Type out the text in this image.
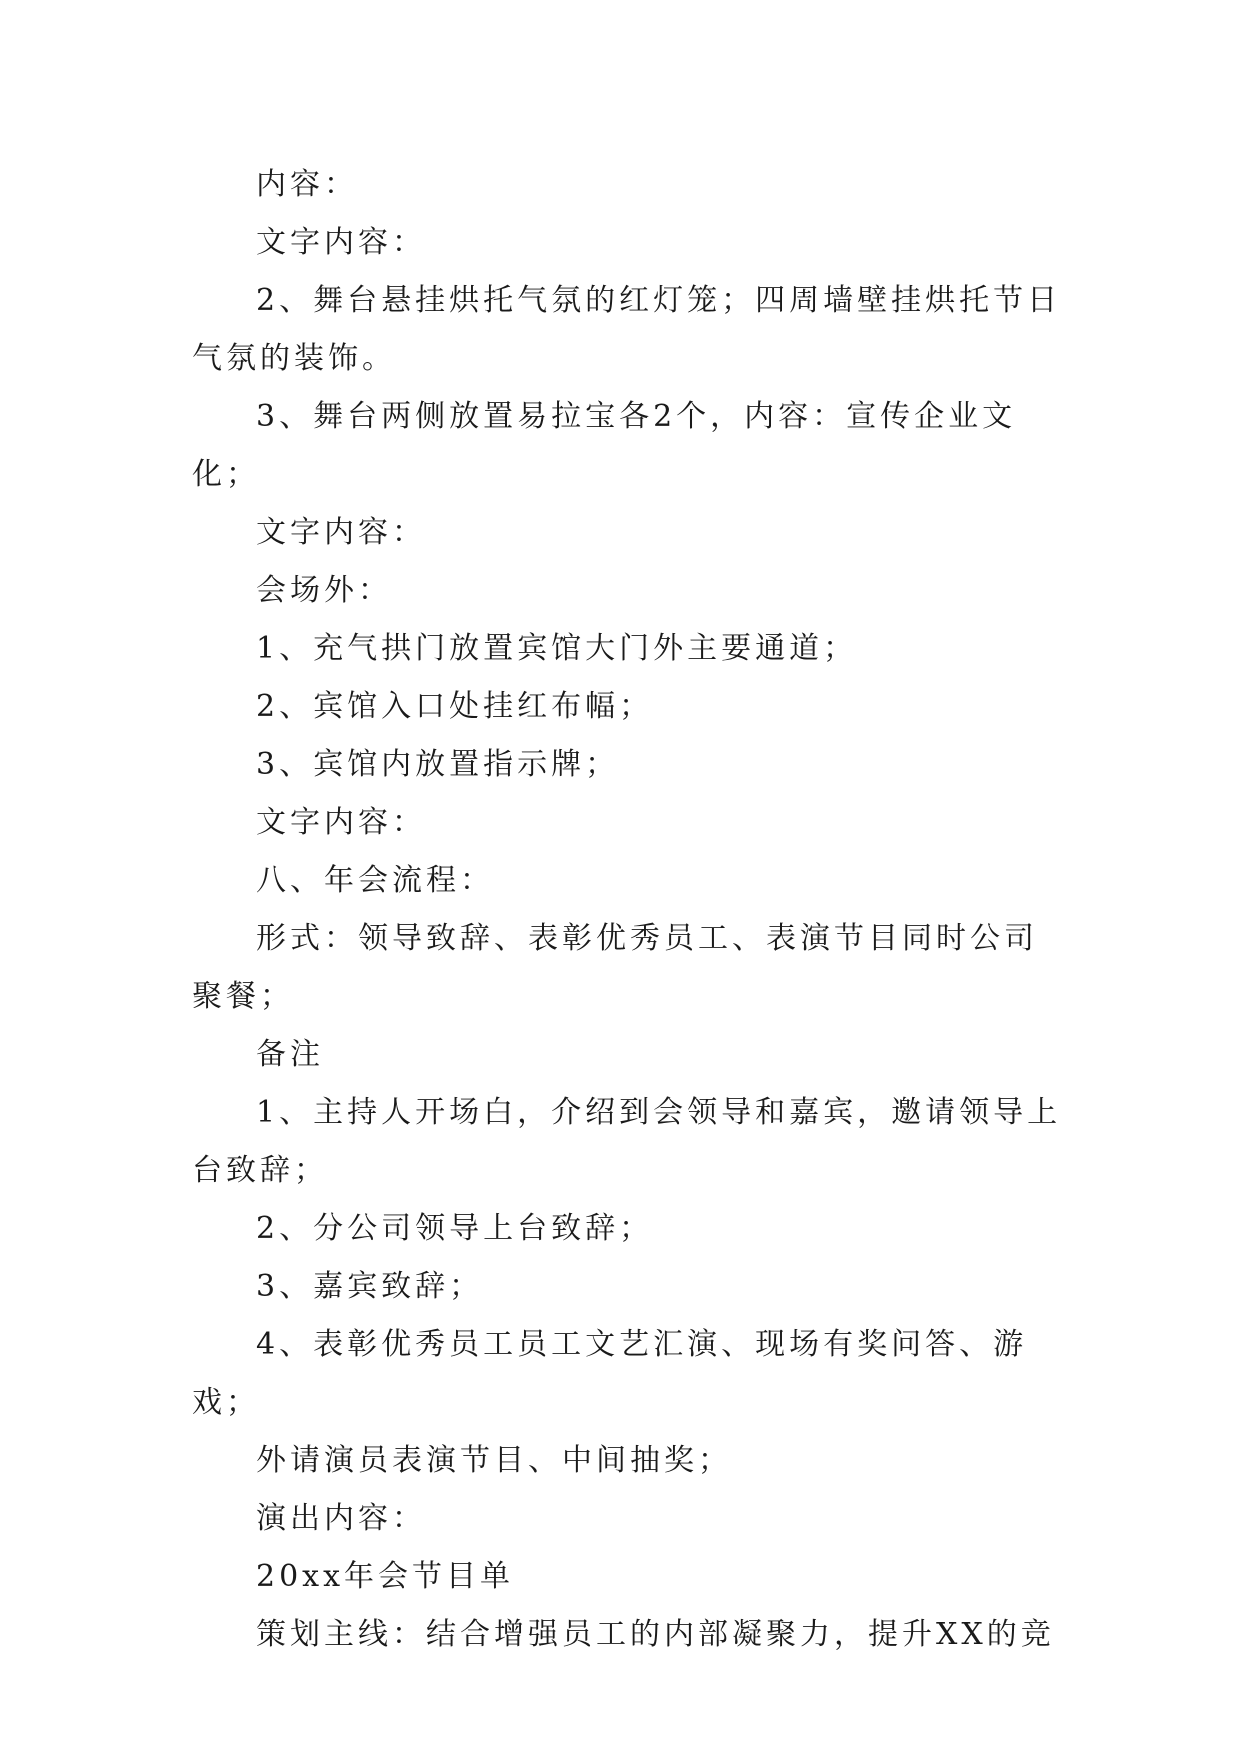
内容：

文字内容：

2、舞台悬挂烘托气氛的红灯笼；四周墙壁挂烘托节日气氛的装饰。

3、舞台两侧放置易拉宝各2个，内容：宣传企业文化；

文字内容：

会场外：

1、充气拱门放置宾馆大门外主要通道；

2、宾馆入口处挂红布幅；

3、宾馆内放置指示牌；

文字内容：

八、年会流程：

形式：领导致辞、表彰优秀员工、表演节目同时公司聚餐；

备注

1、主持人开场白，介绍到会领导和嘉宾，邀请领导上台致辞；

2、分公司领导上台致辞；

3、嘉宾致辞；

4、表彰优秀员工员工文艺汇演、现场有奖问答、游戏；

外请演员表演节目、中间抽奖；

演出内容：

20xx年会节目单

策划主线：结合增强员工的内部凝聚力，提升XX的竞
